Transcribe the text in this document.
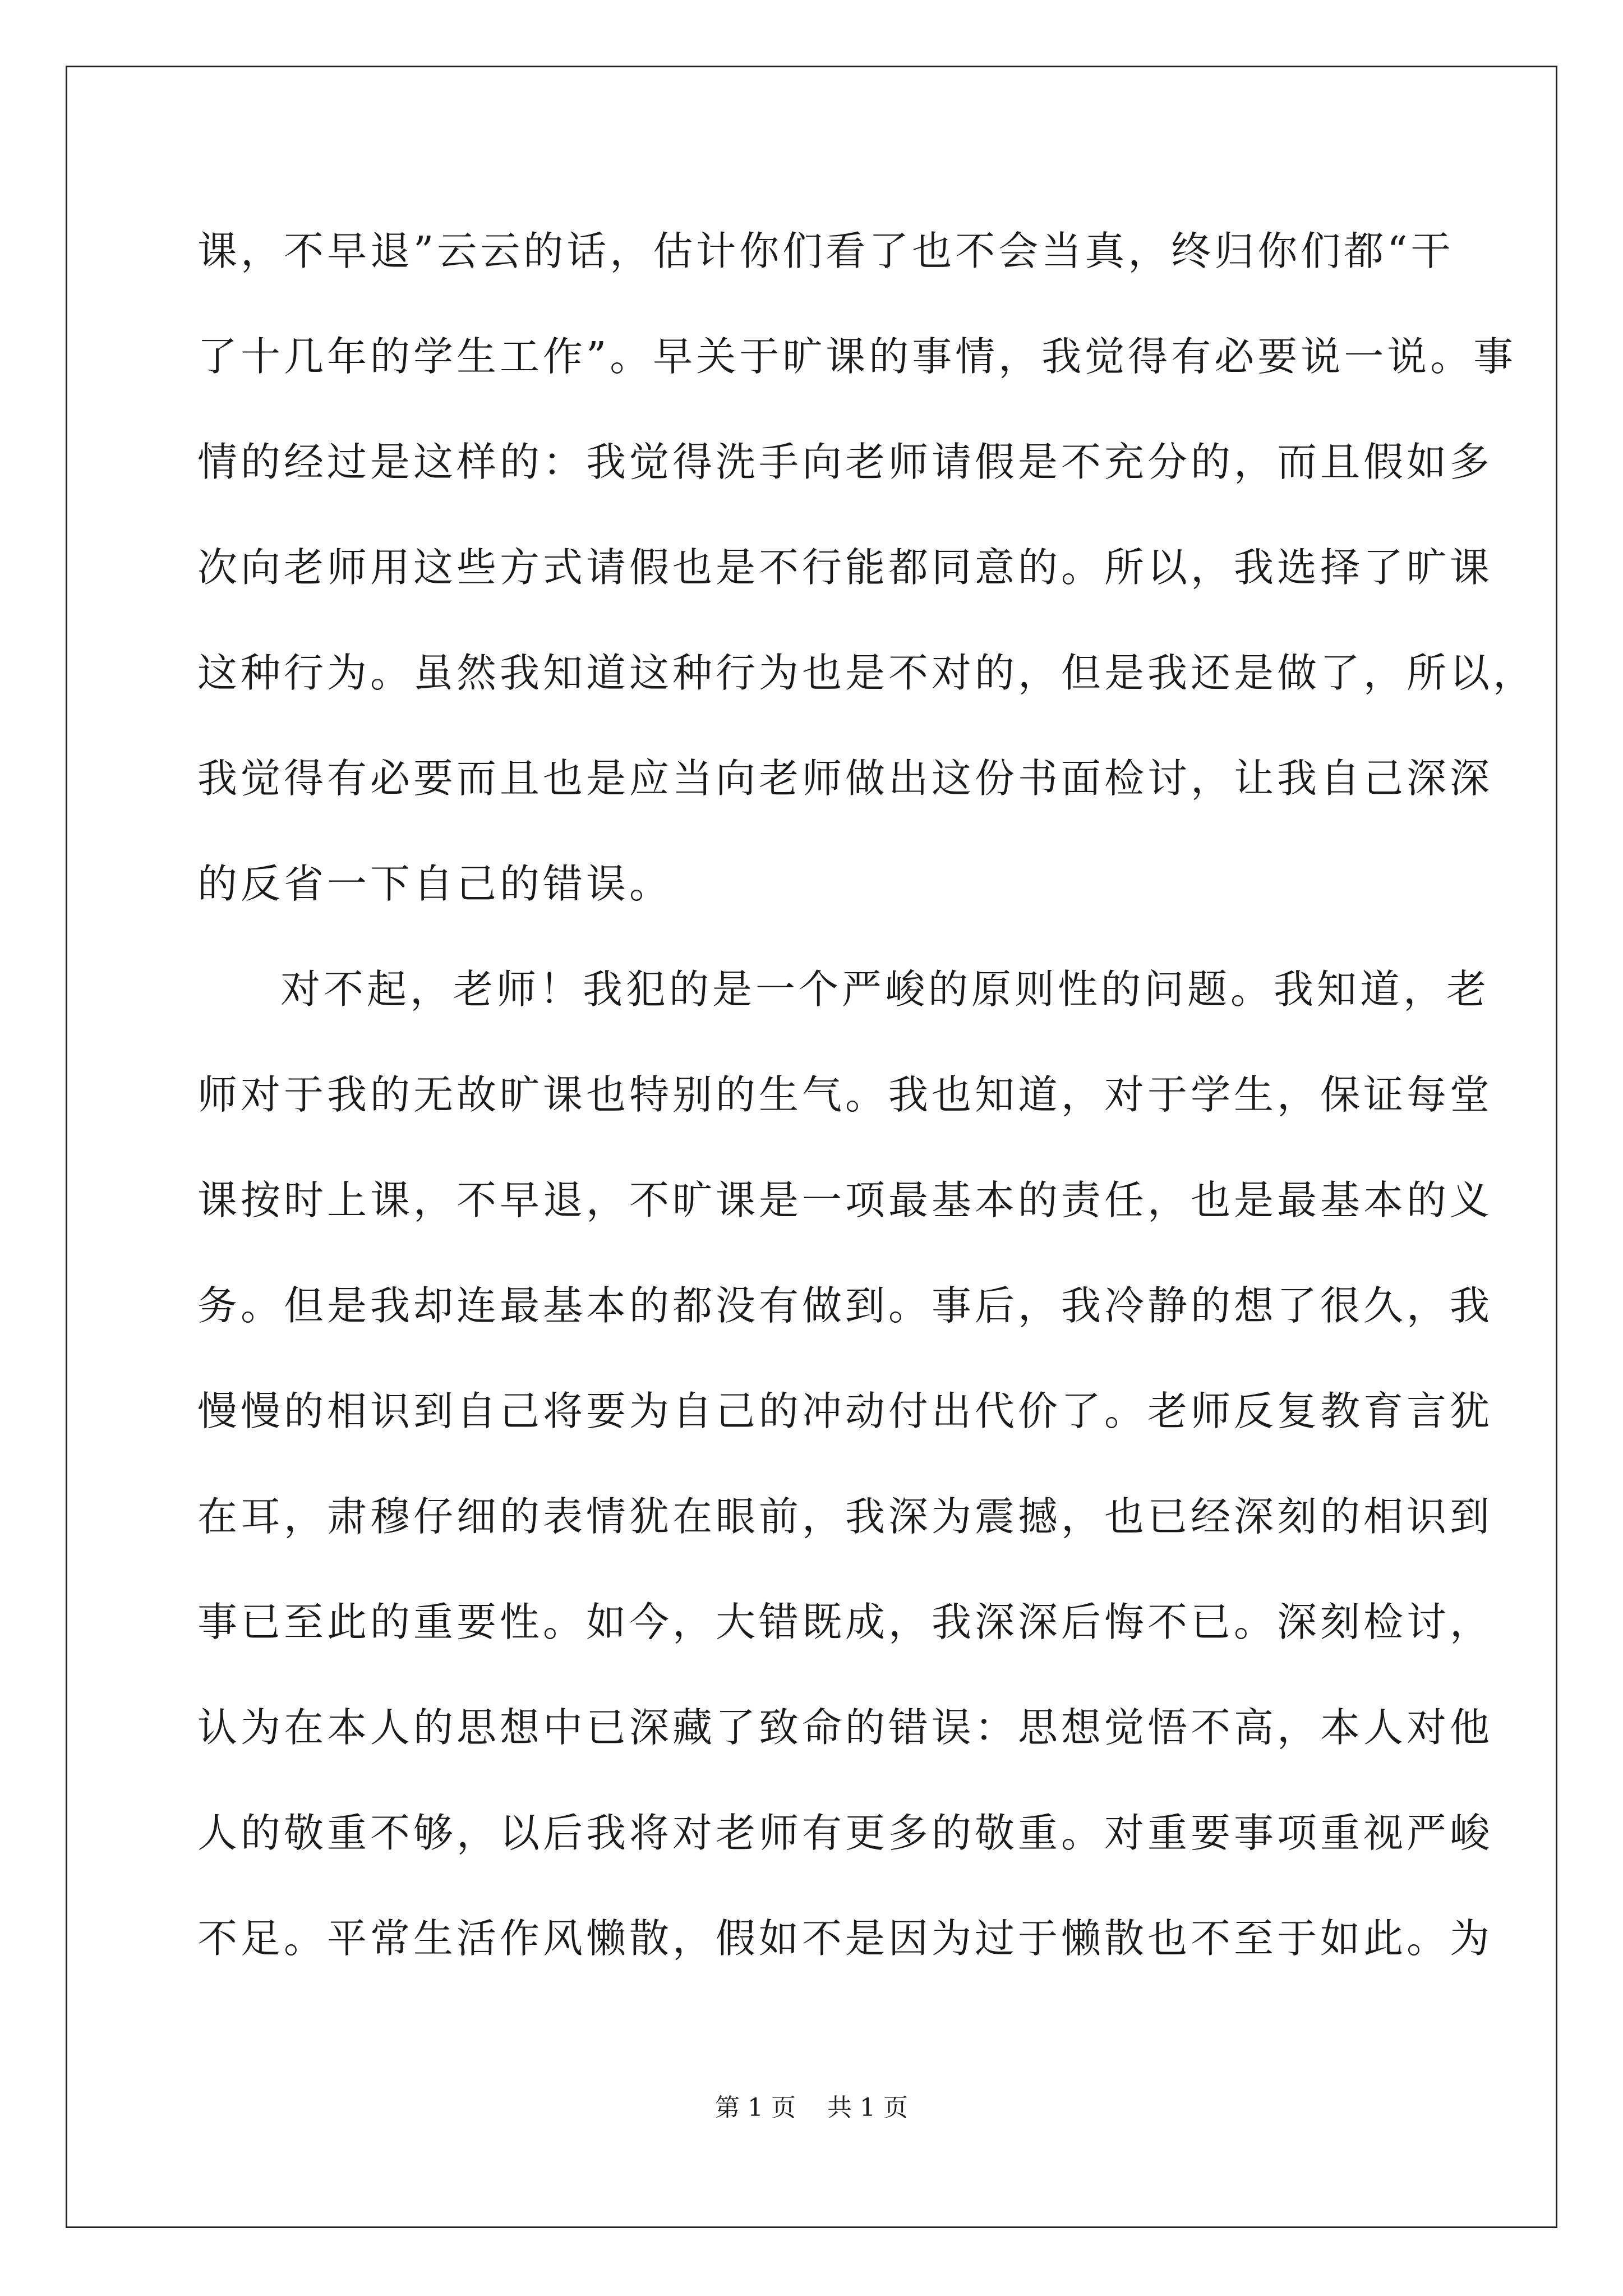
课，不早退”云云的话，估计你们看了也不会当真，终归你们都“干
了十几年的学生工作”。早关于旷课的事情，我觉得有必要说一说。事
情的经过是这样的：我觉得洗手向老师请假是不充分的，而且假如多
次向老师用这些方式请假也是不行能都同意的。所以，我选择了旷课
这种行为。虽然我知道这种行为也是不对的，但是我还是做了，所以，
我觉得有必要而且也是应当向老师做出这份书面检讨，让我自己深深
的反省一下自己的错误。
对不起，老师！我犯的是一个严峻的原则性的问题。我知道，老
师对于我的无故旷课也特别的生气。我也知道，对于学生，保证每堂
课按时上课，不早退，不旷课是一项最基本的责任，也是最基本的义
务。但是我却连最基本的都没有做到。事后，我冷静的想了很久，我
慢慢的相识到自己将要为自己的冲动付出代价了。老师反复教育言犹
在耳，肃穆仔细的表情犹在眼前，我深为震撼，也已经深刻的相识到
事已至此的重要性。如今，大错既成，我深深后悔不已。深刻检讨，
认为在本人的思想中已深藏了致命的错误：思想觉悟不高，本人对他
人的敬重不够，以后我将对老师有更多的敬重。对重要事项重视严峻
不足。平常生活作风懒散，假如不是因为过于懒散也不至于如此。为
第 1 页 共 1 页
